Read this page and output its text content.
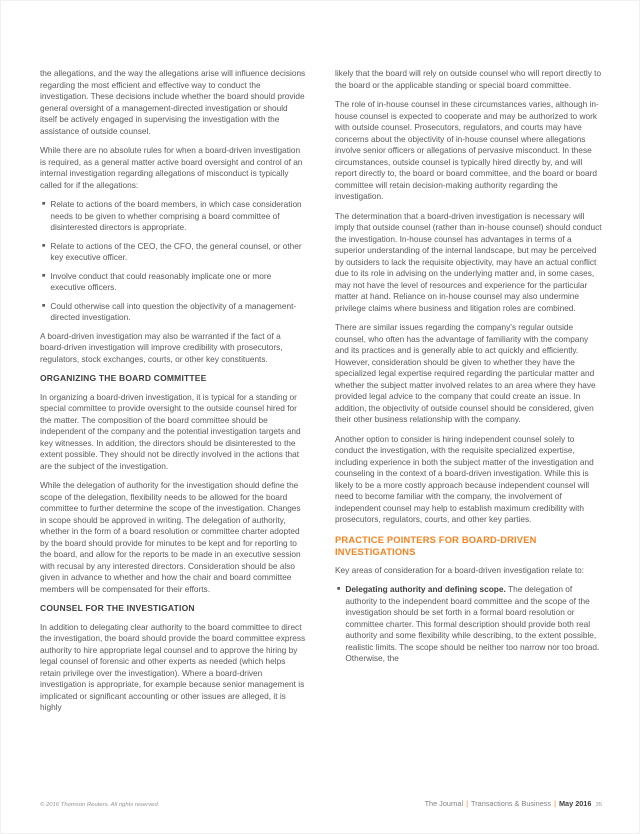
the allegations, and the way the allegations arise will influence decisions regarding the most efficient and effective way to conduct the investigation. These decisions include whether the board should provide general oversight of a management-directed investigation or should itself be actively engaged in supervising the investigation with the assistance of outside counsel.

While there are no absolute rules for when a board-driven investigation is required, as a general matter active board oversight and control of an internal investigation regarding allegations of misconduct is typically called for if the allegations:

■ Relate to actions of the board members, in which case consideration needs to be given to whether comprising a board committee of disinterested directors is appropriate.
■ Relate to actions of the CEO, the CFO, the general counsel, or other key executive officer.
■ Involve conduct that could reasonably implicate one or more executive officers.
■ Could otherwise call into question the objectivity of a management-directed investigation.

A board-driven investigation may also be warranted if the fact of a board-driven investigation will improve credibility with prosecutors, regulators, stock exchanges, courts, or other key constituents.

ORGANIZING THE BOARD COMMITTEE

In organizing a board-driven investigation, it is typical for a standing or special committee to provide oversight to the outside counsel hired for the matter. The composition of the board committee should be independent of the company and the potential investigation targets and key witnesses. In addition, the directors should be disinterested to the extent possible. They should not be directly involved in the actions that are the subject of the investigation.

While the delegation of authority for the investigation should define the scope of the delegation, flexibility needs to be allowed for the board committee to further determine the scope of the investigation. Changes in scope should be approved in writing. The delegation of authority, whether in the form of a board resolution or committee charter adopted by the board should provide for minutes to be kept and for reporting to the board, and allow for the reports to be made in an executive session with recusal by any interested directors. Consideration should be also given in advance to whether and how the chair and board committee members will be compensated for their efforts.

COUNSEL FOR THE INVESTIGATION

In addition to delegating clear authority to the board committee to direct the investigation, the board should provide the board committee express authority to hire appropriate legal counsel and to approve the hiring by legal counsel of forensic and other experts as needed (which helps retain privilege over the investigation). Where a board-driven investigation is appropriate, for example because senior management is implicated or significant accounting or other issues are alleged, it is highly

likely that the board will rely on outside counsel who will report directly to the board or the applicable standing or special board committee.

The role of in-house counsel in these circumstances varies, although in-house counsel is expected to cooperate and may be authorized to work with outside counsel. Prosecutors, regulators, and courts may have concerns about the objectivity of in-house counsel where allegations involve senior officers or allegations of pervasive misconduct. In these circumstances, outside counsel is typically hired directly by, and will report directly to, the board or board committee, and the board or board committee will retain decision-making authority regarding the investigation.

The determination that a board-driven investigation is necessary will imply that outside counsel (rather than in-house counsel) should conduct the investigation. In-house counsel has advantages in terms of a superior understanding of the internal landscape, but may be perceived by outsiders to lack the requisite objectivity, may have an actual conflict due to its role in advising on the underlying matter and, in some cases, may not have the level of resources and experience for the particular matter at hand. Reliance on in-house counsel may also undermine privilege claims where business and litigation roles are combined.

There are similar issues regarding the company's regular outside counsel, who often has the advantage of familiarity with the company and its practices and is generally able to act quickly and efficiently. However, consideration should be given to whether they have the specialized legal expertise required regarding the particular matter and whether the subject matter involved relates to an area where they have provided legal advice to the company that could create an issue. In addition, the objectivity of outside counsel should be considered, given their other business relationship with the company.

Another option to consider is hiring independent counsel solely to conduct the investigation, with the requisite specialized expertise, including experience in both the subject matter of the investigation and counseling in the context of a board-driven investigation. While this is likely to be a more costly approach because independent counsel will need to become familiar with the company, the involvement of independent counsel may help to establish maximum credibility with prosecutors, regulators, courts, and other key parties.

PRACTICE POINTERS FOR BOARD-DRIVEN INVESTIGATIONS

Key areas of consideration for a board-driven investigation relate to:

■ Delegating authority and defining scope. The delegation of authority to the independent board committee and the scope of the investigation should be set forth in a formal board resolution or committee charter. This formal description should provide both real authority and some flexibility while describing, to the extent possible, realistic limits. The scope should be neither too narrow nor too broad. Otherwise, the
© 2016 Thomson Reuters. All rights reserved.	The Journal | Transactions & Business | May 2016 35
